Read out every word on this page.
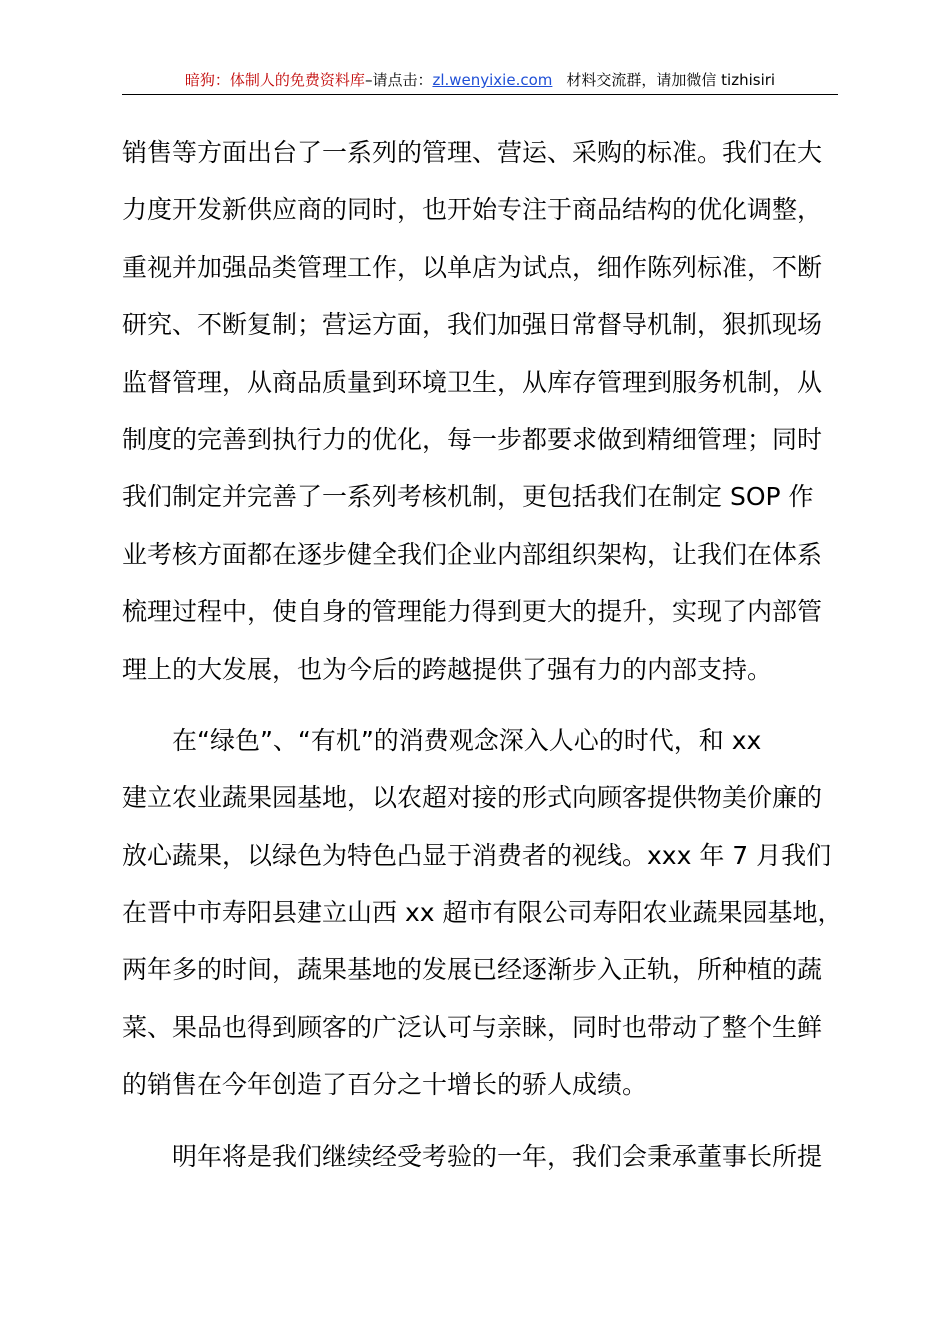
暗狗：体制人的免费资料库–请点击：zl.wenyixie.com 材料交流群，请加微信 tizhisiri
销售等方面出台了一系列的管理、营运、采购的标准。我们在大
力度开发新供应商的同时，也开始专注于商品结构的优化调整，
重视并加强品类管理工作，以单店为试点，细作陈列标准，不断
研究、不断复制；营运方面，我们加强日常督导机制，狠抓现场
监督管理，从商品质量到环境卫生，从库存管理到服务机制，从
制度的完善到执行力的优化，每一步都要求做到精细管理；同时
我们制定并完善了一系列考核机制，更包括我们在制定 SOP 作
业考核方面都在逐步健全我们企业内部组织架构，让我们在体系
梳理过程中，使自身的管理能力得到更大的提升，实现了内部管
理上的大发展，也为今后的跨越提供了强有力的内部支持。
在“绿色”、“有机”的消费观念深入人心的时代，和 xx
建立农业蔬果园基地，以农超对接的形式向顾客提供物美价廉的
放心蔬果，以绿色为特色凸显于消费者的视线。xxx 年 7 月我们
在晋中市寿阳县建立山西 xx 超市有限公司寿阳农业蔬果园基地，
两年多的时间，蔬果基地的发展已经逐渐步入正轨，所种植的蔬
菜、果品也得到顾客的广泛认可与亲睐，同时也带动了整个生鲜
的销售在今年创造了百分之十增长的骄人成绩。
明年将是我们继续经受考验的一年，我们会秉承董事长所提
